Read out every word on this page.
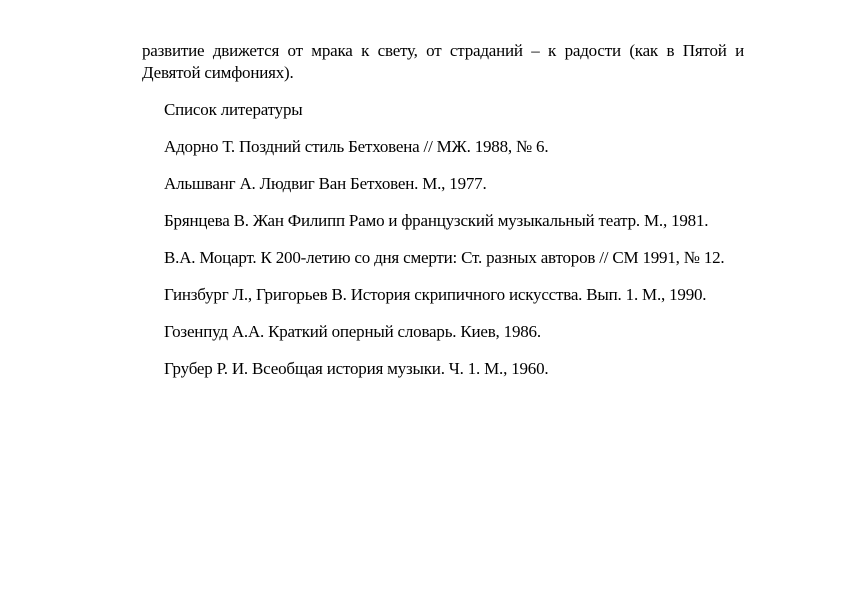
развитие движется от мрака к свету, от страданий – к радости (как в Пятой и Девятой симфониях).

Список литературы

Адорно Т. Поздний стиль Бетховена // МЖ. 1988, № 6.

Альшванг А. Людвиг Ван Бетховен. М., 1977.

Брянцева В. Жан Филипп Рамо и французский музыкальный театр. М., 1981.

В.А. Моцарт. К 200-летию со дня смерти: Ст. разных авторов // СМ 1991, № 12.

Гинзбург Л., Григорьев В. История скрипичного искусства. Вып. 1. М., 1990.

Гозенпуд А.А. Краткий оперный словарь. Киев, 1986.

Грубер Р. И. Всеобщая история музыки. Ч. 1. М., 1960.
